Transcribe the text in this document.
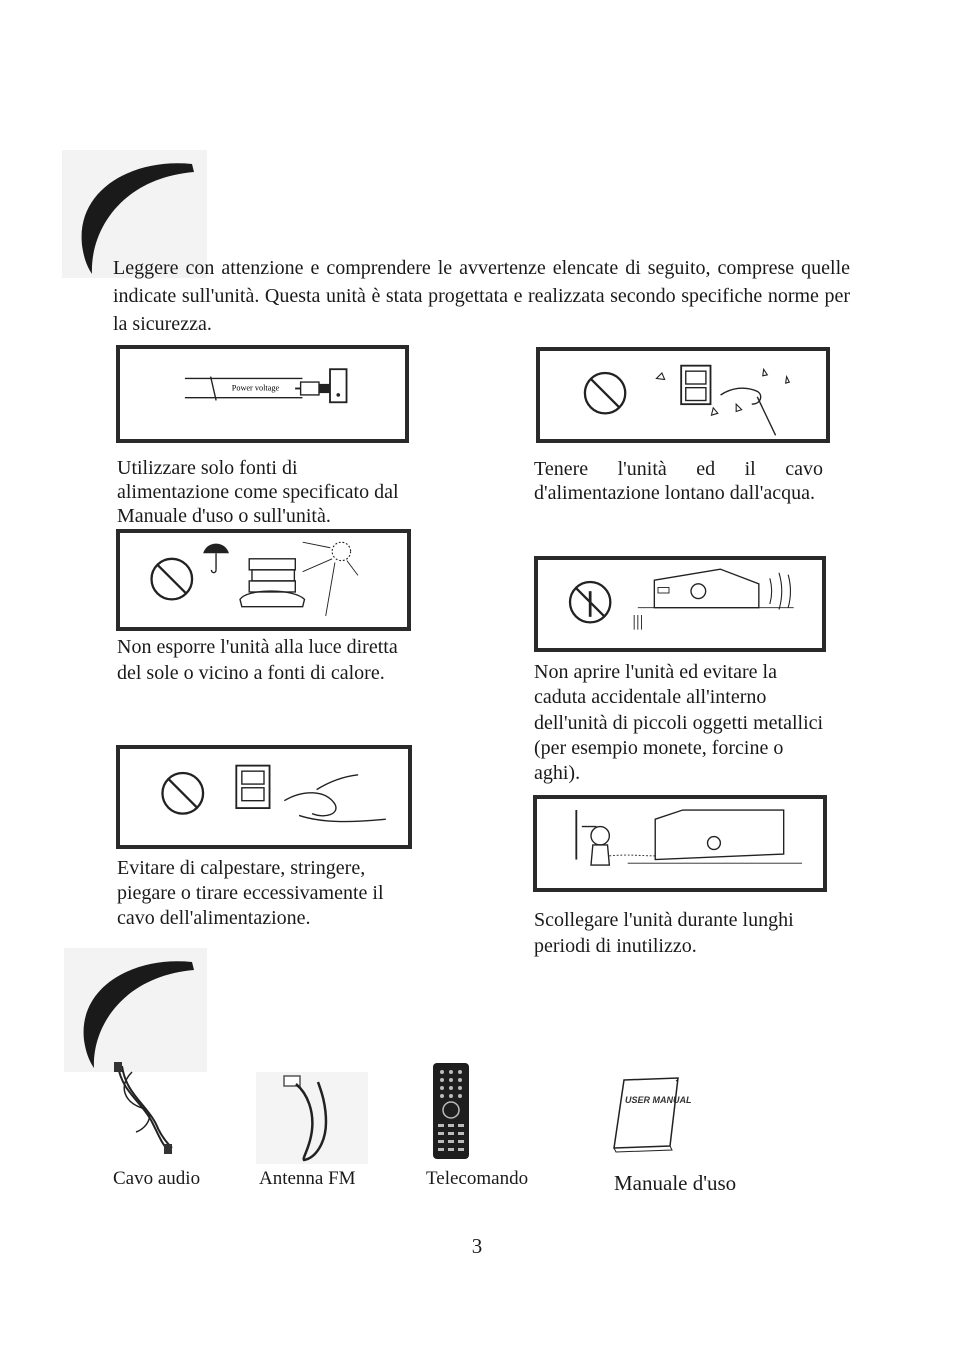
Leggere con attenzione e comprendere le avvertenze elencate di seguito, comprese quelle indicate sull'unità. Questa unità è stata progettata e realizzata secondo specifiche norme per la sicurezza.
Power voltage
Utilizzare solo fonti di alimentazione come specificato dal Manuale d'uso o sull'unità.
Tenere l'unità ed il cavo d'alimentazione lontano dall'acqua.
Non esporre l'unità alla luce diretta del sole o vicino a fonti di calore.	Non aprire l'unità ed evitare la caduta accidentale all'interno dell'unità di piccoli oggetti metallici (per esempio monete, forcine o aghi).
Evitare di calpestare, stringere, piegare o tirare eccessivamente il cavo dell'alimentazione.	Scollegare l'unità durante lunghi periodi di inutilizzo.
USER MANUAL
Cavo audio	Antenna FM	Telecomando	Manuale d'uso
3
